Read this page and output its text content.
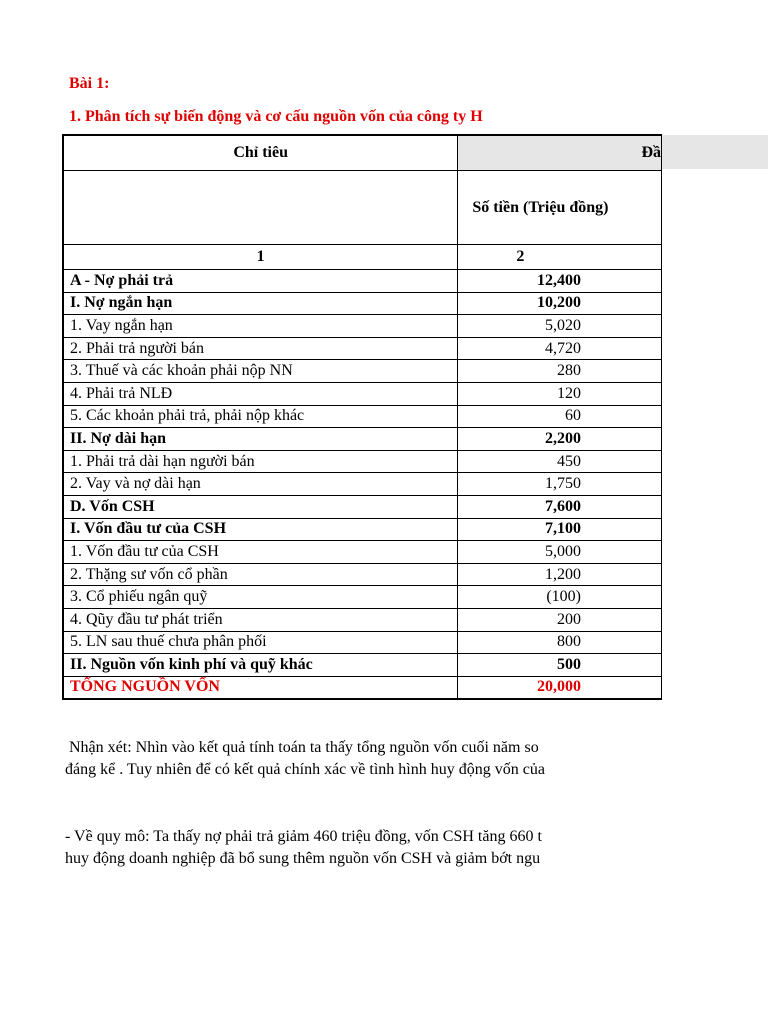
Bài 1:
1. Phân tích sự biến động và cơ cấu nguồn vốn của công ty H
Chỉ tiêu	Đầ
	Số tiền (Triệu đồng)
1	2
A - Nợ phải trả	12,400
I. Nợ ngắn hạn	10,200
1. Vay ngắn hạn	5,020
2. Phải trả người bán	4,720
3. Thuế và các khoản phải nộp NN	280
4. Phải trả NLĐ	120
5. Các khoản phải trả, phải nộp khác	60
II. Nợ dài hạn	2,200
1. Phải trả dài hạn người bán	450
2. Vay và nợ dài hạn	1,750
D. Vốn CSH	7,600
I. Vốn đầu tư của CSH	7,100
1. Vốn đầu tư của CSH	5,000
2. Thặng sư vốn cổ phần	1,200
3. Cổ phiếu ngân quỹ	(100)
4. Qũy đầu tư phát triển	200
5. LN sau thuế chưa phân phối	800
II. Nguồn vốn kinh phí và quỹ khác	500
TỔNG NGUỒN VỐN	20,000
Nhận xét: Nhìn vào kết quả tính toán ta thấy tổng nguồn vốn cuối năm so
đáng kể . Tuy nhiên để có kết quả chính xác về tình hình huy động vốn của
- Về quy mô: Ta thấy nợ phải trả giảm 460 triệu đồng, vốn CSH tăng 660 t
huy động doanh nghiệp đã bổ sung thêm nguồn vốn CSH và giảm bớt ngu
